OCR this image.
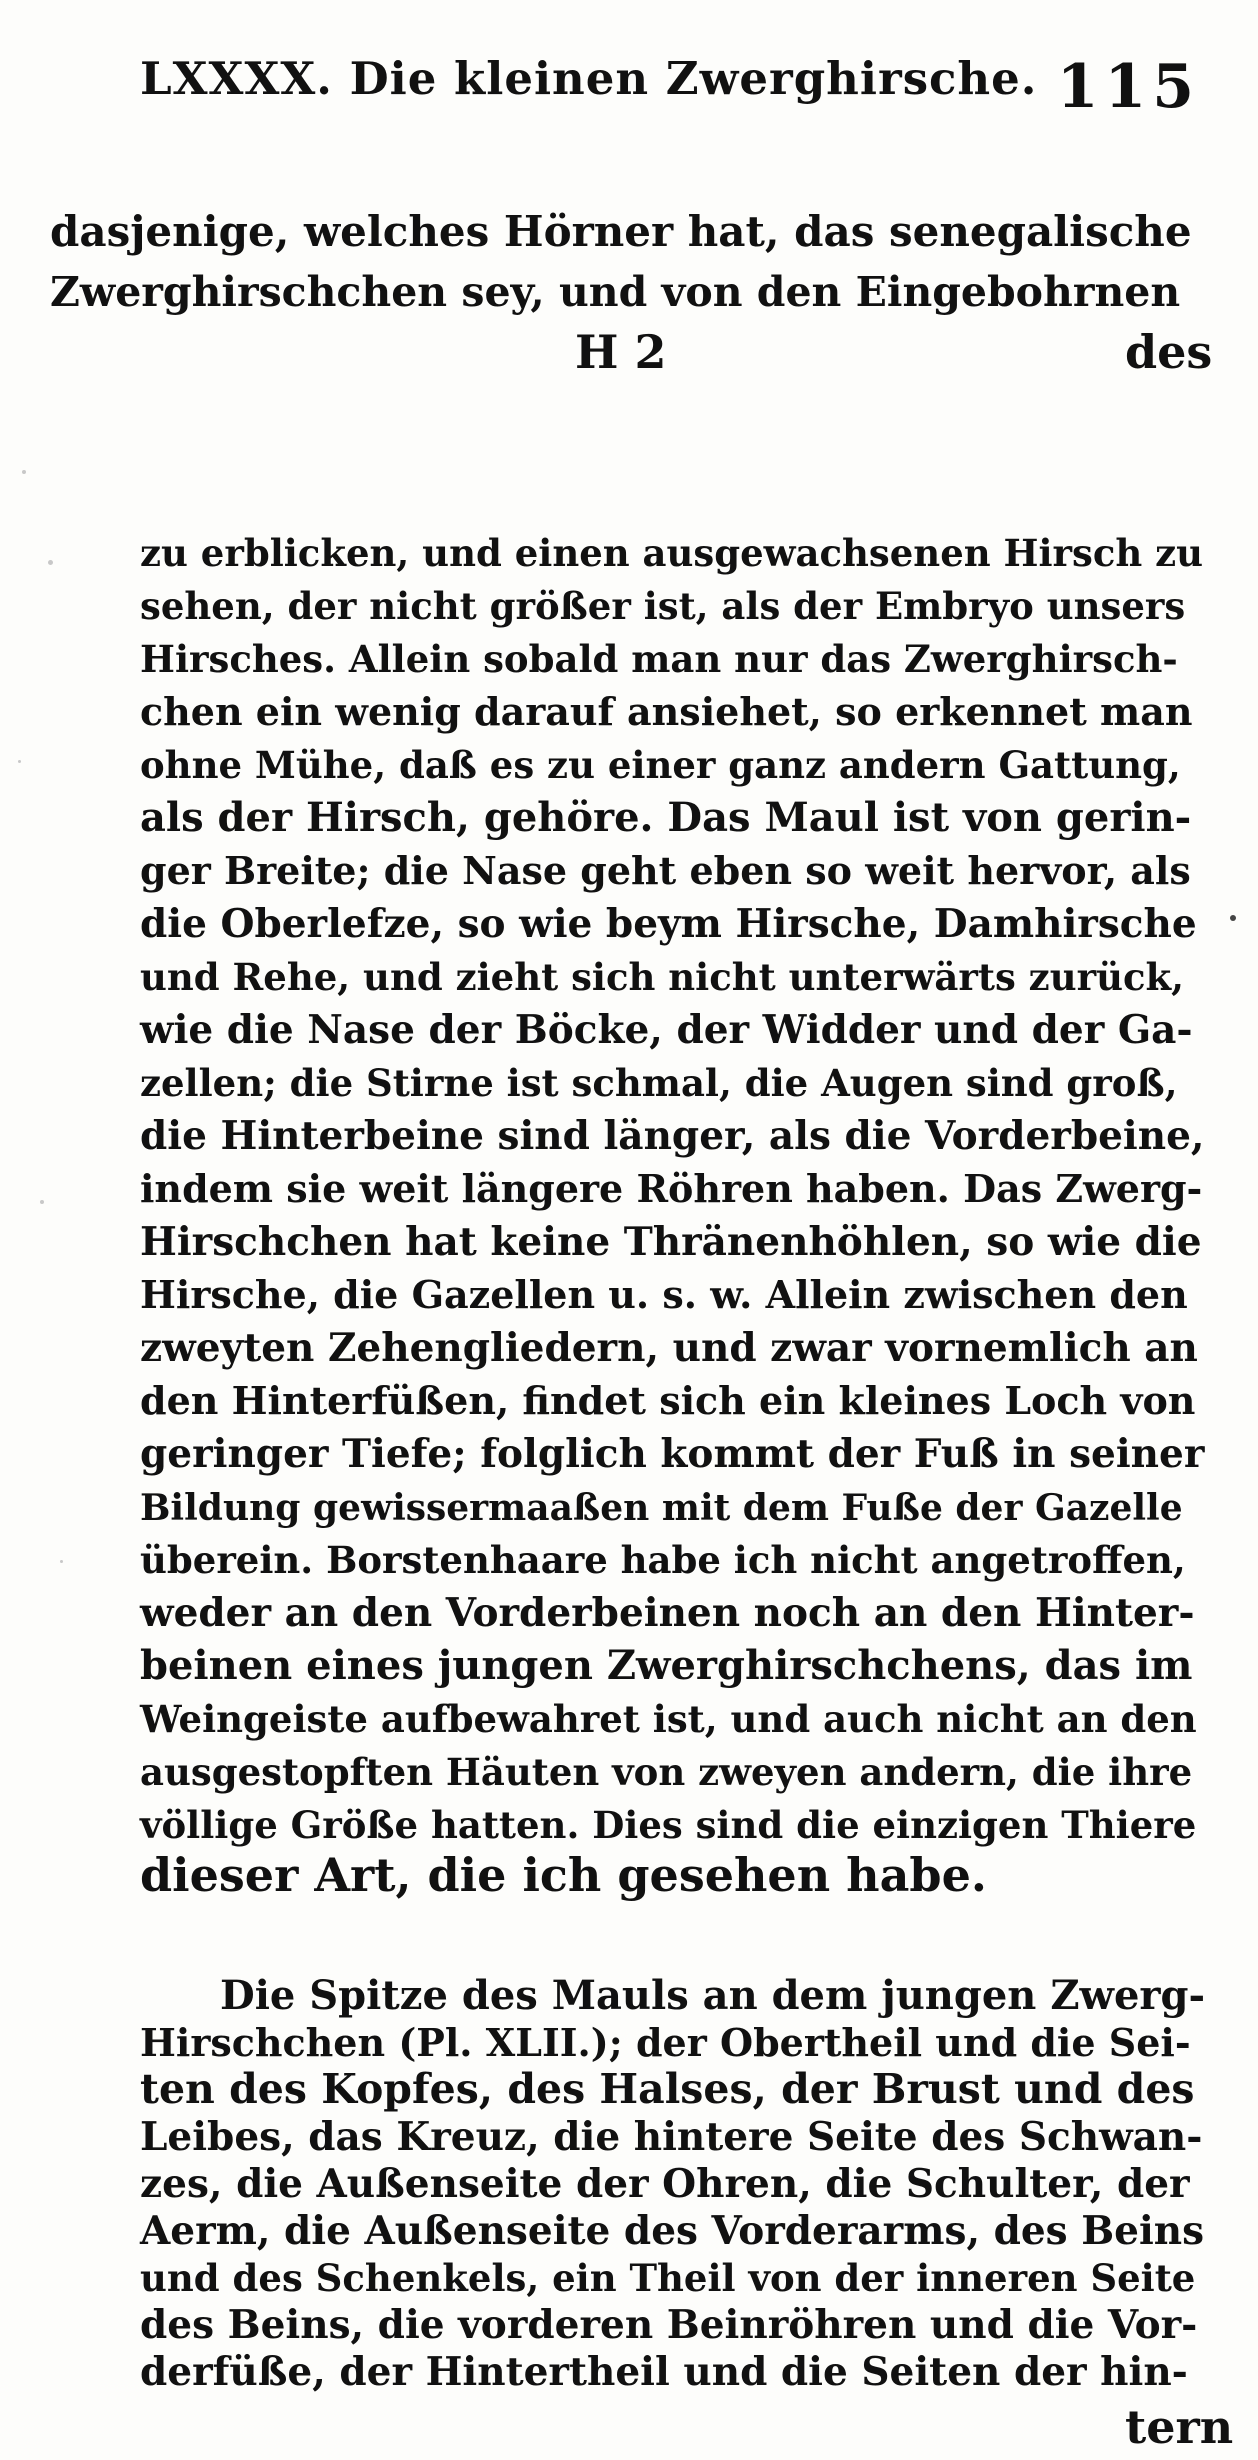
LXXXX. Die kleinen Zwerghirsche. 115
dasjenige, welches Hörner hat, das senegalische
Zwerghirschchen sey, und von den Eingebohrnen
H 2	des
zu erblicken, und einen ausgewachsenen Hirsch zu
sehen, der nicht größer ist, als der Embryo unsers
Hirsches. Allein sobald man nur das Zwerghirsch-
chen ein wenig darauf ansiehet, so erkennet man
ohne Mühe, daß es zu einer ganz andern Gattung,
als der Hirsch, gehöre. Das Maul ist von gerin-
ger Breite; die Nase geht eben so weit hervor, als
die Oberlefze, so wie beym Hirsche, Damhirsche
und Rehe, und zieht sich nicht unterwärts zurück,
wie die Nase der Böcke, der Widder und der Ga-
zellen; die Stirne ist schmal, die Augen sind groß,
die Hinterbeine sind länger, als die Vorderbeine,
indem sie weit längere Röhren haben. Das Zwerg-
Hirschchen hat keine Thränenhöhlen, so wie die
Hirsche, die Gazellen u. s. w. Allein zwischen den
zweyten Zehengliedern, und zwar vornemlich an
den Hinterfüßen, findet sich ein kleines Loch von
geringer Tiefe; folglich kommt der Fuß in seiner
Bildung gewissermaaßen mit dem Fuße der Gazelle
überein. Borstenhaare habe ich nicht angetroffen,
weder an den Vorderbeinen noch an den Hinter-
beinen eines jungen Zwerghirschchens, das im
Weingeiste aufbewahret ist, und auch nicht an den
ausgestopften Häuten von zweyen andern, die ihre
völlige Größe hatten. Dies sind die einzigen Thiere
dieser Art, die ich gesehen habe.
Die Spitze des Mauls an dem jungen Zwerg-
Hirschchen (Pl. XLII.); der Obertheil und die Sei-
ten des Kopfes, des Halses, der Brust und des
Leibes, das Kreuz, die hintere Seite des Schwan-
zes, die Außenseite der Ohren, die Schulter, der
Aerm, die Außenseite des Vorderarms, des Beins
und des Schenkels, ein Theil von der inneren Seite
des Beins, die vorderen Beinröhren und die Vor-
derfüße, der Hintertheil und die Seiten der hin-
tern
